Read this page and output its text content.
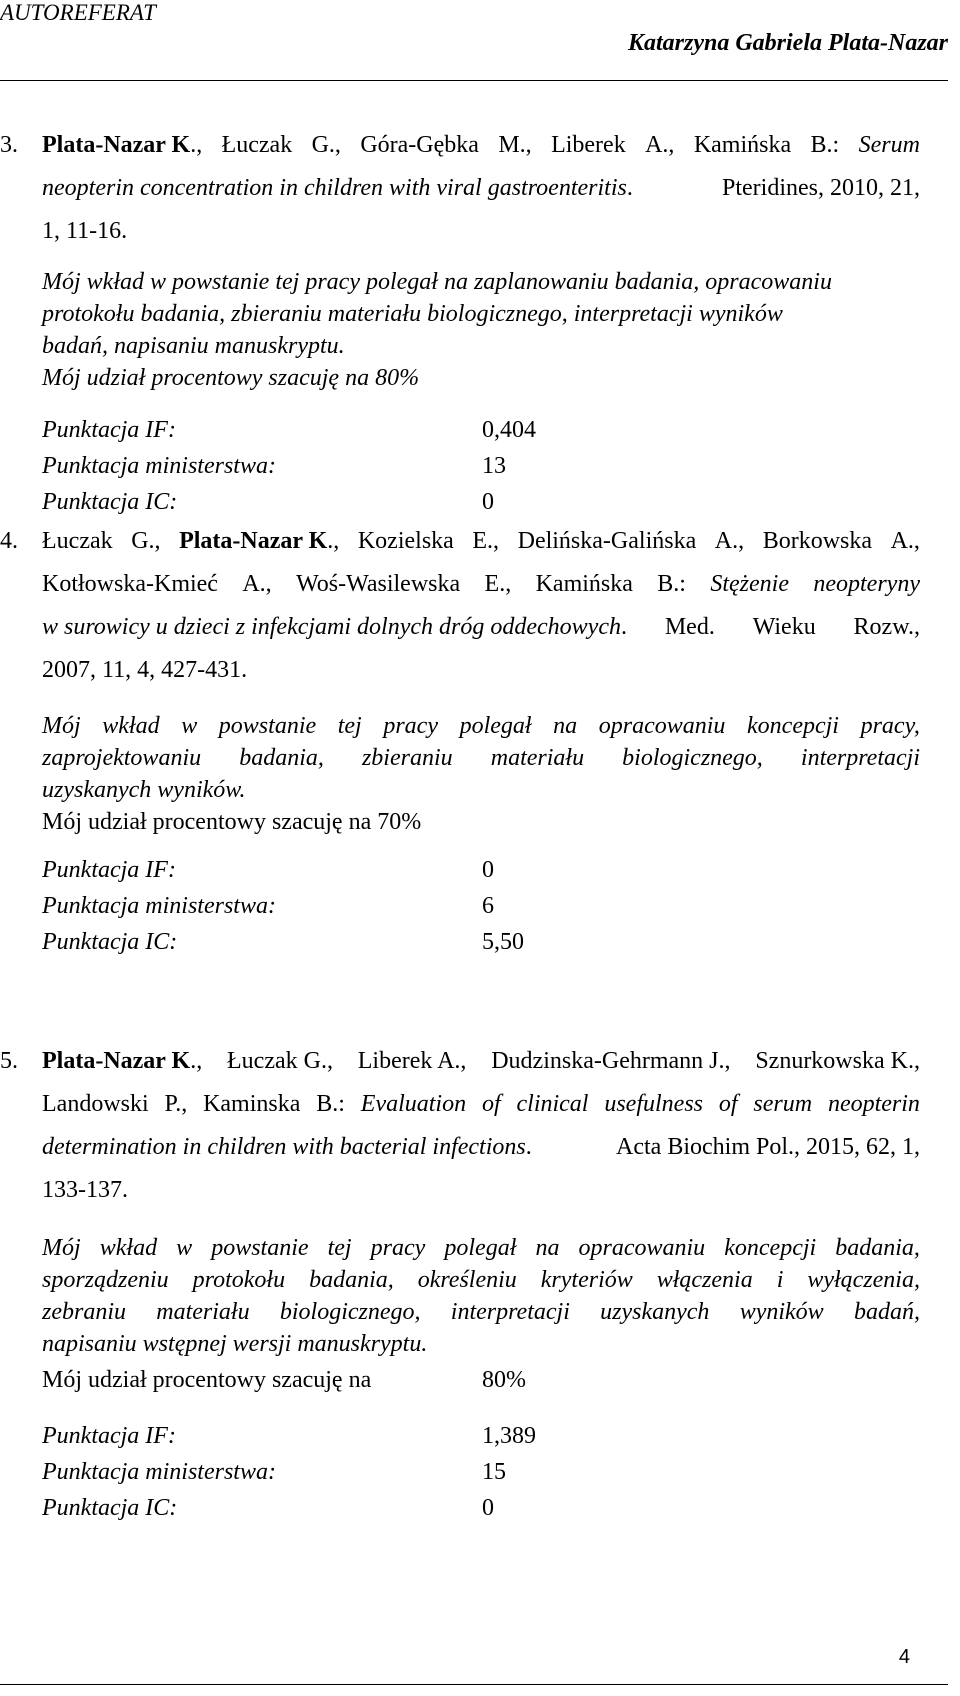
AUTOREFERAT
Katarzyna Gabriela Plata-Nazar
3. Plata-Nazar K., Łuczak G., Góra-Gębka M., Liberek A., Kamińska B.: Serum
neopterin concentration in children with viral gastroenteritis.	Pteridines, 2010, 21,
1, 11-16.
Mój wkład w powstanie tej pracy polegał na zaplanowaniu badania, opracowaniu
protokołu badania, zbieraniu materiału biologicznego, interpretacji wyników
badań, napisaniu manuskryptu.
Mój udział procentowy szacuję na 80%
Punktacja IF:	0,404
Punktacja ministerstwa:	13
Punktacja IC:	0
4. Łuczak G., Plata-Nazar K., Kozielska E., Delińska-Galińska A., Borkowska A.,
Kotłowska-Kmieć A., Woś-Wasilewska E., Kamińska B.: Stężenie neopteryny
w surowicy u dzieci z infekcjami dolnych dróg oddechowych. Med. Wieku Rozw.,
2007, 11, 4, 427-431.
Mój wkład w powstanie tej pracy polegał na opracowaniu koncepcji pracy,
zaprojektowaniu badania, zbieraniu materiału biologicznego, interpretacji
uzyskanych wyników.
Mój udział procentowy szacuję na 70%
Punktacja IF:	0
Punktacja ministerstwa:	6
Punktacja IC:	5,50
5. Plata-Nazar K., Łuczak G., Liberek A., Dudzinska-Gehrmann J., Sznurkowska K.,
Landowski P., Kaminska B.: Evaluation of clinical usefulness of serum neopterin
determination in children with bacterial infections.	Acta Biochim Pol., 2015, 62, 1,
133-137.
Mój wkład w powstanie tej pracy polegał na opracowaniu koncepcji badania,
sporządzeniu protokołu badania, określeniu kryteriów włączenia i wyłączenia,
zebraniu materiału biologicznego, interpretacji uzyskanych wyników badań,
napisaniu wstępnej wersji manuskryptu.
Mój udział procentowy szacuję na	80%
Punktacja IF:	1,389
Punktacja ministerstwa:	15
Punktacja IC:	0
4
